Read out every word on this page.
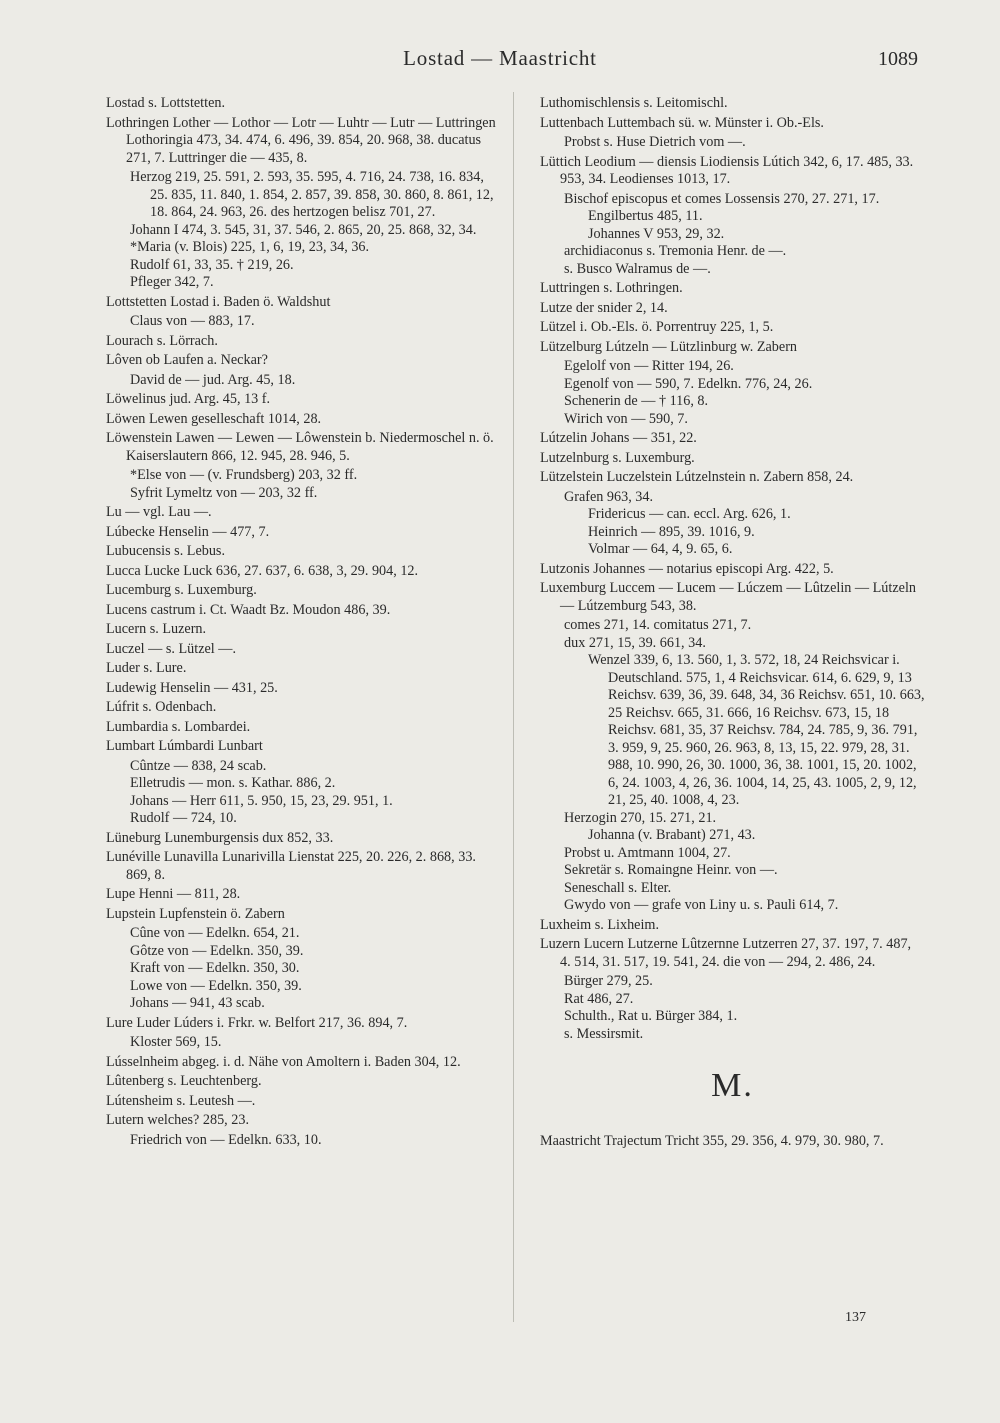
Lostad — Maastricht	1089

Lostad s. Lottstetten.

Lothringen Lother — Lothor — Lotr — Luhtr — Lutr — Luttringen Lothoringia 473, 34. 474, 6. 496, 39. 854, 20. 968, 38. ducatus 271, 7. Luttringer die — 435, 8.

Herzog 219, 25. 591, 2. 593, 35. 595, 4. 716, 24. 738, 16. 834, 25. 835, 11. 840, 1. 854, 2. 857, 39. 858, 30. 860, 8. 861, 12, 18. 864, 24. 963, 26. des hertzogen belisz 701, 27.

Johann I 474, 3. 545, 31, 37. 546, 2. 865, 20, 25. 868, 32, 34.

*Maria (v. Blois) 225, 1, 6, 19, 23, 34, 36.

Rudolf 61, 33, 35. † 219, 26.

Pfleger 342, 7.

Lottstetten Lostad i. Baden ö. Waldshut

Claus von — 883, 17.

Lourach s. Lörrach.

Lôven ob Laufen a. Neckar?

David de — jud. Arg. 45, 18.

Löwelinus jud. Arg. 45, 13 f.

Löwen Lewen geselleschaft 1014, 28.

Löwenstein Lawen — Lewen — Lôwenstein b. Niedermoschel n. ö. Kaiserslautern 866, 12. 945, 28. 946, 5.

*Else von — (v. Frundsberg) 203, 32 ff.

Syfrit Lymeltz von — 203, 32 ff.

Lu — vgl. Lau —.

Lúbecke Henselin — 477, 7.

Lubucensis s. Lebus.

Lucca Lucke Luck 636, 27. 637, 6. 638, 3, 29. 904, 12.

Lucemburg s. Luxemburg.

Lucens castrum i. Ct. Waadt Bz. Moudon 486, 39.

Lucern s. Luzern.

Luczel — s. Lützel —.

Luder s. Lure.

Ludewig Henselin — 431, 25.

Lúfrit s. Odenbach.

Lumbardia s. Lombardei.

Lumbart Lúmbardi Lunbart

Cûntze — 838, 24 scab.

Elletrudis — mon. s. Kathar. 886, 2.

Johans — Herr 611, 5. 950, 15, 23, 29. 951, 1.

Rudolf — 724, 10.

Lüneburg Lunemburgensis dux 852, 33.

Lunéville Lunavilla Lunarivilla Lienstat 225, 20. 226, 2. 868, 33. 869, 8.

Lupe Henni — 811, 28.

Lupstein Lupfenstein ö. Zabern

Cûne von — Edelkn. 654, 21.

Gôtze von — Edelkn. 350, 39.

Kraft von — Edelkn. 350, 30.

Lowe von — Edelkn. 350, 39.

Johans — 941, 43 scab.

Lure Luder Lúders i. Frkr. w. Belfort 217, 36. 894, 7.

Kloster 569, 15.

Lússelnheim abgeg. i. d. Nähe von Amoltern i. Baden 304, 12.

Lûtenberg s. Leuchtenberg.

Lútensheim s. Leutesh —.

Lutern welches? 285, 23.

Friedrich von — Edelkn. 633, 10.

Luthomischlensis s. Leitomischl.

Luttenbach Luttembach sü. w. Münster i. Ob.-Els.

Probst s. Huse Dietrich vom —.

Lüttich Leodium — diensis Liodiensis Lútich 342, 6, 17. 485, 33. 953, 34. Leodienses 1013, 17.

Bischof episcopus et comes Lossensis 270, 27. 271, 17.

Engilbertus 485, 11.

Johannes V 953, 29, 32.

archidiaconus s. Tremonia Henr. de —.

s. Busco Walramus de —.

Luttringen s. Lothringen.

Lutze der snider 2, 14.

Lützel i. Ob.-Els. ö. Porrentruy 225, 1, 5.

Lützelburg Lútzeln — Lützlinburg w. Zabern

Egelolf von — Ritter 194, 26.

Egenolf von — 590, 7. Edelkn. 776, 24, 26.

Schenerin de — † 116, 8.

Wirich von — 590, 7.

Lútzelin Johans — 351, 22.

Lutzelnburg s. Luxemburg.

Lützelstein Luczelstein Lútzelnstein n. Zabern 858, 24.

Grafen 963, 34.

Fridericus — can. eccl. Arg. 626, 1.

Heinrich — 895, 39. 1016, 9.

Volmar — 64, 4, 9. 65, 6.

Lutzonis Johannes — notarius episcopi Arg. 422, 5.

Luxemburg Luccem — Lucem — Lúczem — Lûtzelin — Lútzeln — Lútzemburg 543, 38.

comes 271, 14. comitatus 271, 7.

dux 271, 15, 39. 661, 34.

Wenzel 339, 6, 13. 560, 1, 3. 572, 18, 24 Reichsvicar i. Deutschland. 575, 1, 4 Reichsvicar. 614, 6. 629, 9, 13 Reichsv. 639, 36, 39. 648, 34, 36 Reichsv. 651, 10. 663, 25 Reichsv. 665, 31. 666, 16 Reichsv. 673, 15, 18 Reichsv. 681, 35, 37 Reichsv. 784, 24. 785, 9, 36. 791, 3. 959, 9, 25. 960, 26. 963, 8, 13, 15, 22. 979, 28, 31. 988, 10. 990, 26, 30. 1000, 36, 38. 1001, 15, 20. 1002, 6, 24. 1003, 4, 26, 36. 1004, 14, 25, 43. 1005, 2, 9, 12, 21, 25, 40. 1008, 4, 23.

Herzogin 270, 15. 271, 21.

Johanna (v. Brabant) 271, 43.

Probst u. Amtmann 1004, 27.

Sekretär s. Romaingne Heinr. von —.

Seneschall s. Elter.

Gwydo von — grafe von Liny u. s. Pauli 614, 7.

Luxheim s. Lixheim.

Luzern Lucern Lutzerne Lûtzernne Lutzerren 27, 37. 197, 7. 487, 4. 514, 31. 517, 19. 541, 24. die von — 294, 2. 486, 24.

Bürger 279, 25.

Rat 486, 27.

Schulth., Rat u. Bürger 384, 1.

s. Messirsmit.

M.

Maastricht Trajectum Tricht 355, 29. 356, 4. 979, 30. 980, 7.

137
